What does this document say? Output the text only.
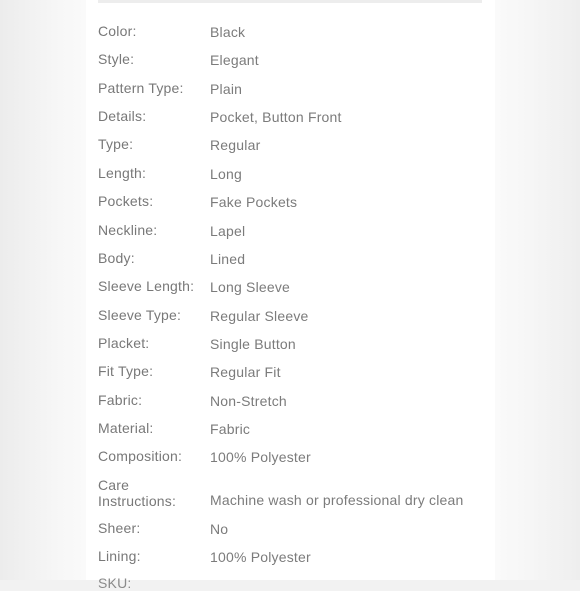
Color:	Black
Style:	Elegant
Pattern Type:	Plain
Details:	Pocket, Button Front
Type:	Regular
Length:	Long
Pockets:	Fake Pockets
Neckline:	Lapel
Body:	Lined
Sleeve Length:	Long Sleeve
Sleeve Type:	Regular Sleeve
Placket:	Single Button
Fit Type:	Regular Fit
Fabric:	Non-Stretch
Material:	Fabric
Composition:	100% Polyester
Care Instructions:	Machine wash or professional dry clean
Sheer:	No
Lining:	100% Polyester
SKU:
